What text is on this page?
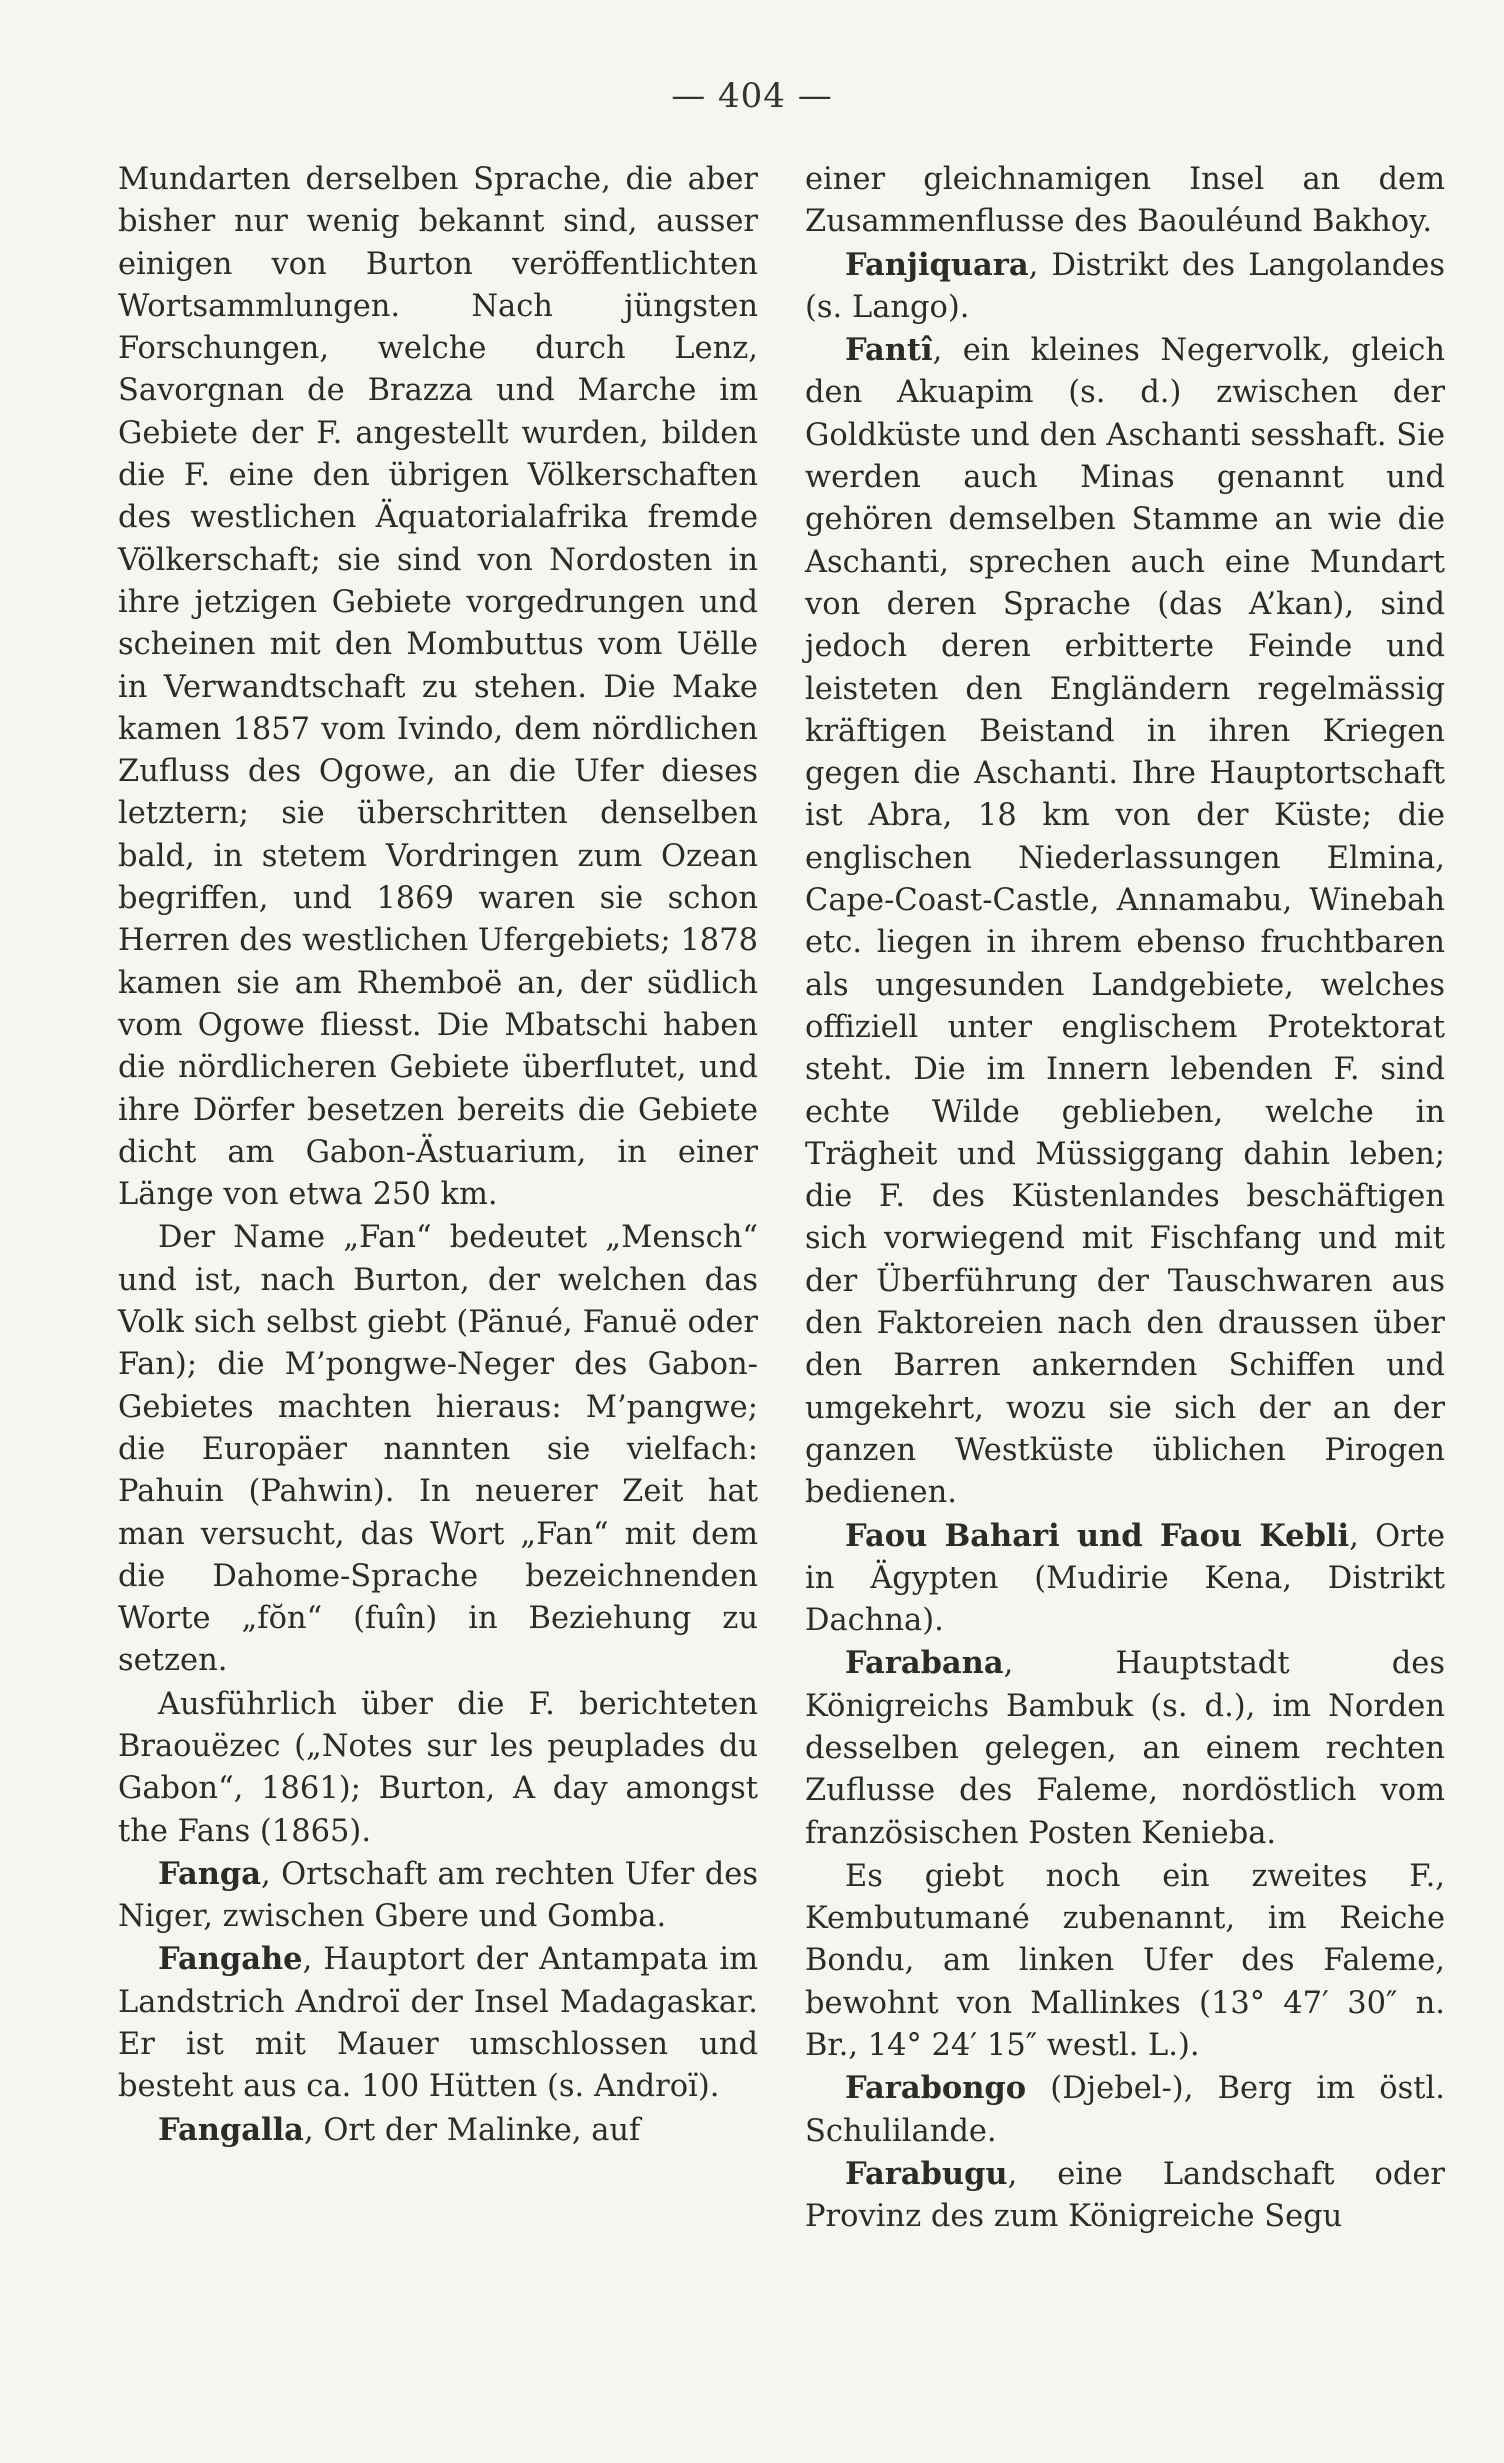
— 404 —

Mundarten derselben Sprache, die aber bisher nur wenig bekannt sind, ausser einigen von Burton veröffentlichten Wortsammlungen. Nach jüngsten Forschungen, welche durch Lenz, Savorgnan de Brazza und Marche im Gebiete der F. angestellt wurden, bilden die F. eine den übrigen Völkerschaften des westlichen Äquatorialafrika fremde Völkerschaft; sie sind von Nordosten in ihre jetzigen Gebiete vorgedrungen und scheinen mit den Mombuttus vom Uëlle in Verwandtschaft zu stehen. Die Make kamen 1857 vom Ivindo, dem nördlichen Zufluss des Ogowe, an die Ufer dieses letztern; sie überschritten denselben bald, in stetem Vordringen zum Ozean begriffen, und 1869 waren sie schon Herren des westlichen Ufergebiets; 1878 kamen sie am Rhemboë an, der südlich vom Ogowe fliesst. Die Mbatschi haben die nördlicheren Gebiete überflutet, und ihre Dörfer besetzen bereits die Gebiete dicht am Gabon-Ästuarium, in einer Länge von etwa 250 km.

Der Name „Fan“ bedeutet „Mensch“ und ist, nach Burton, der welchen das Volk sich selbst giebt (Pänué, Fanuë oder Fan); die M’pongwe-Neger des Gabon-Gebietes machten hieraus: M’pangwe; die Europäer nannten sie vielfach: Pahuin (Pahwin). In neuerer Zeit hat man versucht, das Wort „Fan“ mit dem die Dahome-Sprache bezeichnenden Worte „fŏn“ (fuîn) in Beziehung zu setzen.

Ausführlich über die F. berichteten Braouëzec („Notes sur les peuplades du Gabon“, 1861); Burton, A day amongst the Fans (1865).

Fanga, Ortschaft am rechten Ufer des Niger, zwischen Gbere und Gomba.

Fangahe, Hauptort der Antampata im Landstrich Androï der Insel Madagaskar. Er ist mit Mauer umschlossen und besteht aus ca. 100 Hütten (s. Androï).

Fangalla, Ort der Malinke, auf

einer gleichnamigen Insel an dem Zusammenflusse des Baouléund Bakhoy.

Fanjiquara, Distrikt des Langolandes (s. Lango).

Fantî, ein kleines Negervolk, gleich den Akuapim (s. d.) zwischen der Goldküste und den Aschanti sesshaft. Sie werden auch Minas genannt und gehören demselben Stamme an wie die Aschanti, sprechen auch eine Mundart von deren Sprache (das A’kan), sind jedoch deren erbitterte Feinde und leisteten den Engländern regelmässig kräftigen Beistand in ihren Kriegen gegen die Aschanti. Ihre Hauptortschaft ist Abra, 18 km von der Küste; die englischen Niederlassungen Elmina, Cape-Coast-Castle, Annamabu, Winebah etc. liegen in ihrem ebenso fruchtbaren als ungesunden Landgebiete, welches offiziell unter englischem Protektorat steht. Die im Innern lebenden F. sind echte Wilde geblieben, welche in Trägheit und Müssiggang dahin leben; die F. des Küstenlandes beschäftigen sich vorwiegend mit Fischfang und mit der Überführung der Tauschwaren aus den Faktoreien nach den draussen über den Barren ankernden Schiffen und umgekehrt, wozu sie sich der an der ganzen Westküste üblichen Pirogen bedienen.

Faou Bahari und Faou Kebli, Orte in Ägypten (Mudirie Kena, Distrikt Dachna).

Farabana, Hauptstadt des Königreichs Bambuk (s. d.), im Norden desselben gelegen, an einem rechten Zuflusse des Faleme, nordöstlich vom französischen Posten Kenieba.

Es giebt noch ein zweites F., Kembutumané zubenannt, im Reiche Bondu, am linken Ufer des Faleme, bewohnt von Mallinkes (13° 47′ 30″ n. Br., 14° 24′ 15″ westl. L.).

Farabongo (Djebel-), Berg im östl. Schulilande.

Farabugu, eine Landschaft oder Provinz des zum Königreiche Segu
